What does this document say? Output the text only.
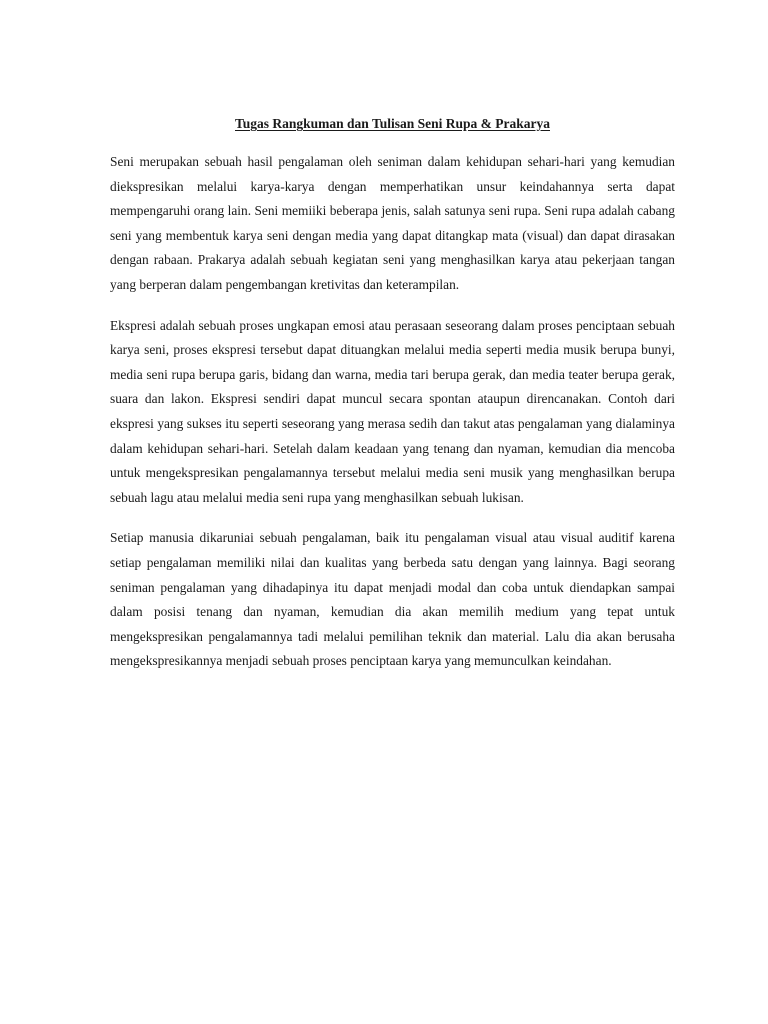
Tugas Rangkuman dan Tulisan Seni Rupa & Prakarya

Seni merupakan sebuah hasil pengalaman oleh seniman dalam kehidupan sehari-hari yang kemudian diekspresikan melalui karya-karya dengan memperhatikan unsur keindahannya serta dapat mempengaruhi orang lain. Seni memiiki beberapa jenis, salah satunya seni rupa. Seni rupa adalah cabang seni yang membentuk karya seni dengan media yang dapat ditangkap mata (visual) dan dapat dirasakan dengan rabaan. Prakarya adalah sebuah kegiatan seni yang menghasilkan karya atau pekerjaan tangan yang berperan dalam pengembangan kretivitas dan keterampilan.

Ekspresi adalah sebuah proses ungkapan emosi atau perasaan seseorang dalam proses penciptaan sebuah karya seni, proses ekspresi tersebut dapat dituangkan melalui media seperti media musik berupa bunyi, media seni rupa berupa garis, bidang dan warna, media tari berupa gerak, dan media teater berupa gerak, suara dan lakon. Ekspresi sendiri dapat muncul secara spontan ataupun direncanakan. Contoh dari ekspresi yang sukses itu seperti seseorang yang merasa sedih dan takut atas pengalaman yang dialaminya dalam kehidupan sehari-hari. Setelah dalam keadaan yang tenang dan nyaman, kemudian dia mencoba untuk mengekspresikan pengalamannya tersebut melalui media seni musik yang menghasilkan berupa sebuah lagu atau melalui media seni rupa yang menghasilkan sebuah lukisan.

Setiap manusia dikaruniai sebuah pengalaman, baik itu pengalaman visual atau visual auditif karena setiap pengalaman memiliki nilai dan kualitas yang berbeda satu dengan yang lainnya. Bagi seorang seniman pengalaman yang dihadapinya itu dapat menjadi modal dan coba untuk diendapkan sampai dalam posisi tenang dan nyaman, kemudian dia akan memilih medium yang tepat untuk mengekspresikan pengalamannya tadi melalui pemilihan teknik dan material. Lalu dia akan berusaha mengekspresikannya menjadi sebuah proses penciptaan karya yang memunculkan keindahan.
